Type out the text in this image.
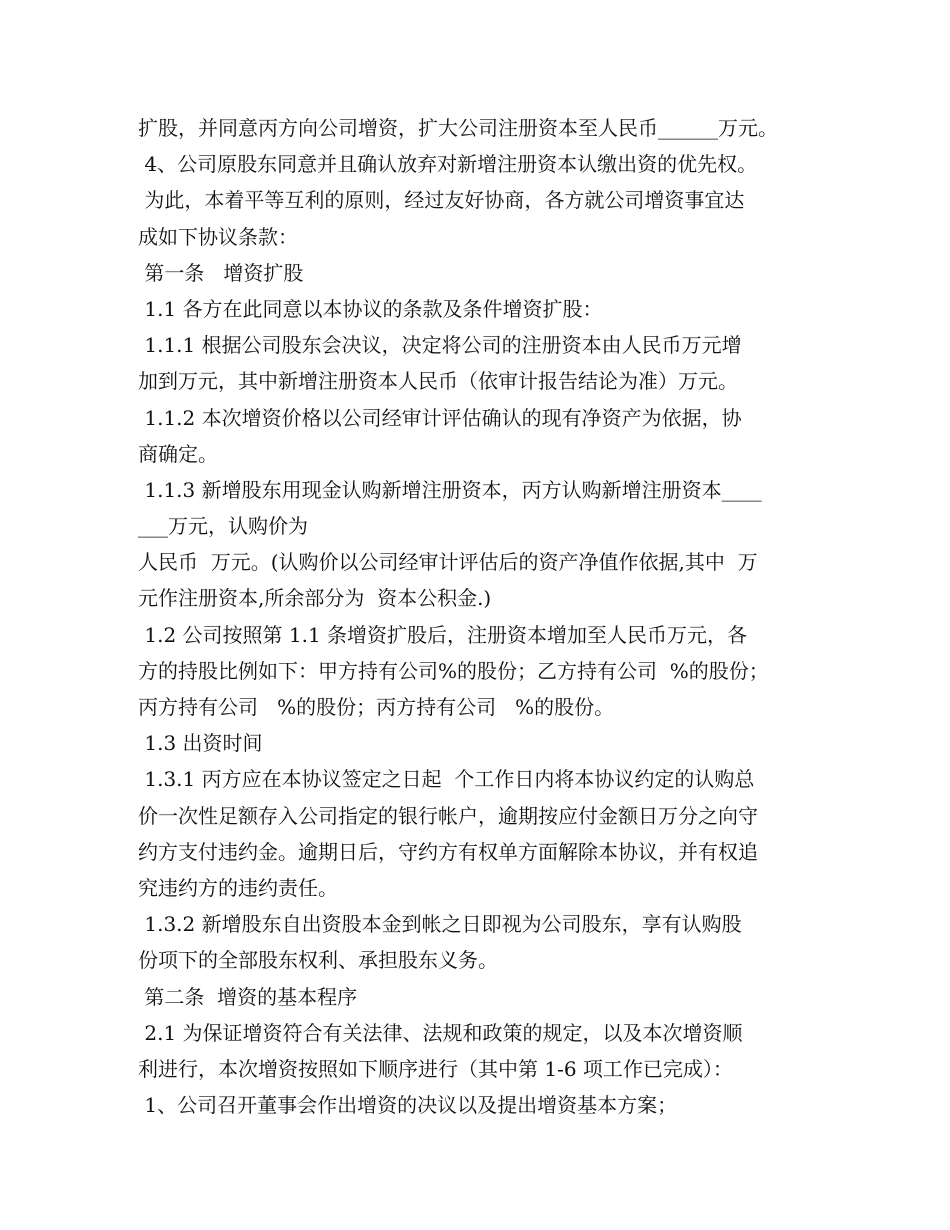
扩股，并同意丙方向公司增资，扩大公司注册资本至人民币______万元。
4、公司原股东同意并且确认放弃对新增注册资本认缴出资的优先权。
为此，本着平等互利的原则，经过友好协商，各方就公司增资事宜达
成如下协议条款：
第一条   增资扩股
1.1 各方在此同意以本协议的条款及条件增资扩股：
1.1.1 根据公司股东会决议，决定将公司的注册资本由人民币万元增
加到万元，其中新增注册资本人民币（依审计报告结论为准）万元。
1.1.2 本次增资价格以公司经审计评估确认的现有净资产为依据，协
商确定。
1.1.3 新增股东用现金认购新增注册资本，丙方认购新增注册资本____
___万元，认购价为
人民币  万元。(认购价以公司经审计评估后的资产净值作依据,其中  万
元作注册资本,所余部分为  资本公积金.)
1.2 公司按照第 1.1 条增资扩股后，注册资本增加至人民币万元，各
方的持股比例如下：甲方持有公司%的股份；乙方持有公司  %的股份；
丙方持有公司   %的股份；丙方持有公司   %的股份。
1.3 出资时间
1.3.1 丙方应在本协议签定之日起  个工作日内将本协议约定的认购总
价一次性足额存入公司指定的银行帐户，逾期按应付金额日万分之向守
约方支付违约金。逾期日后，守约方有权单方面解除本协议，并有权追
究违约方的违约责任。
1.3.2 新增股东自出资股本金到帐之日即视为公司股东，享有认购股
份项下的全部股东权利、承担股东义务。
第二条  增资的基本程序
2.1 为保证增资符合有关法律、法规和政策的规定，以及本次增资顺
利进行，本次增资按照如下顺序进行（其中第 1-6 项工作已完成）：
1、公司召开董事会作出增资的决议以及提出增资基本方案；
